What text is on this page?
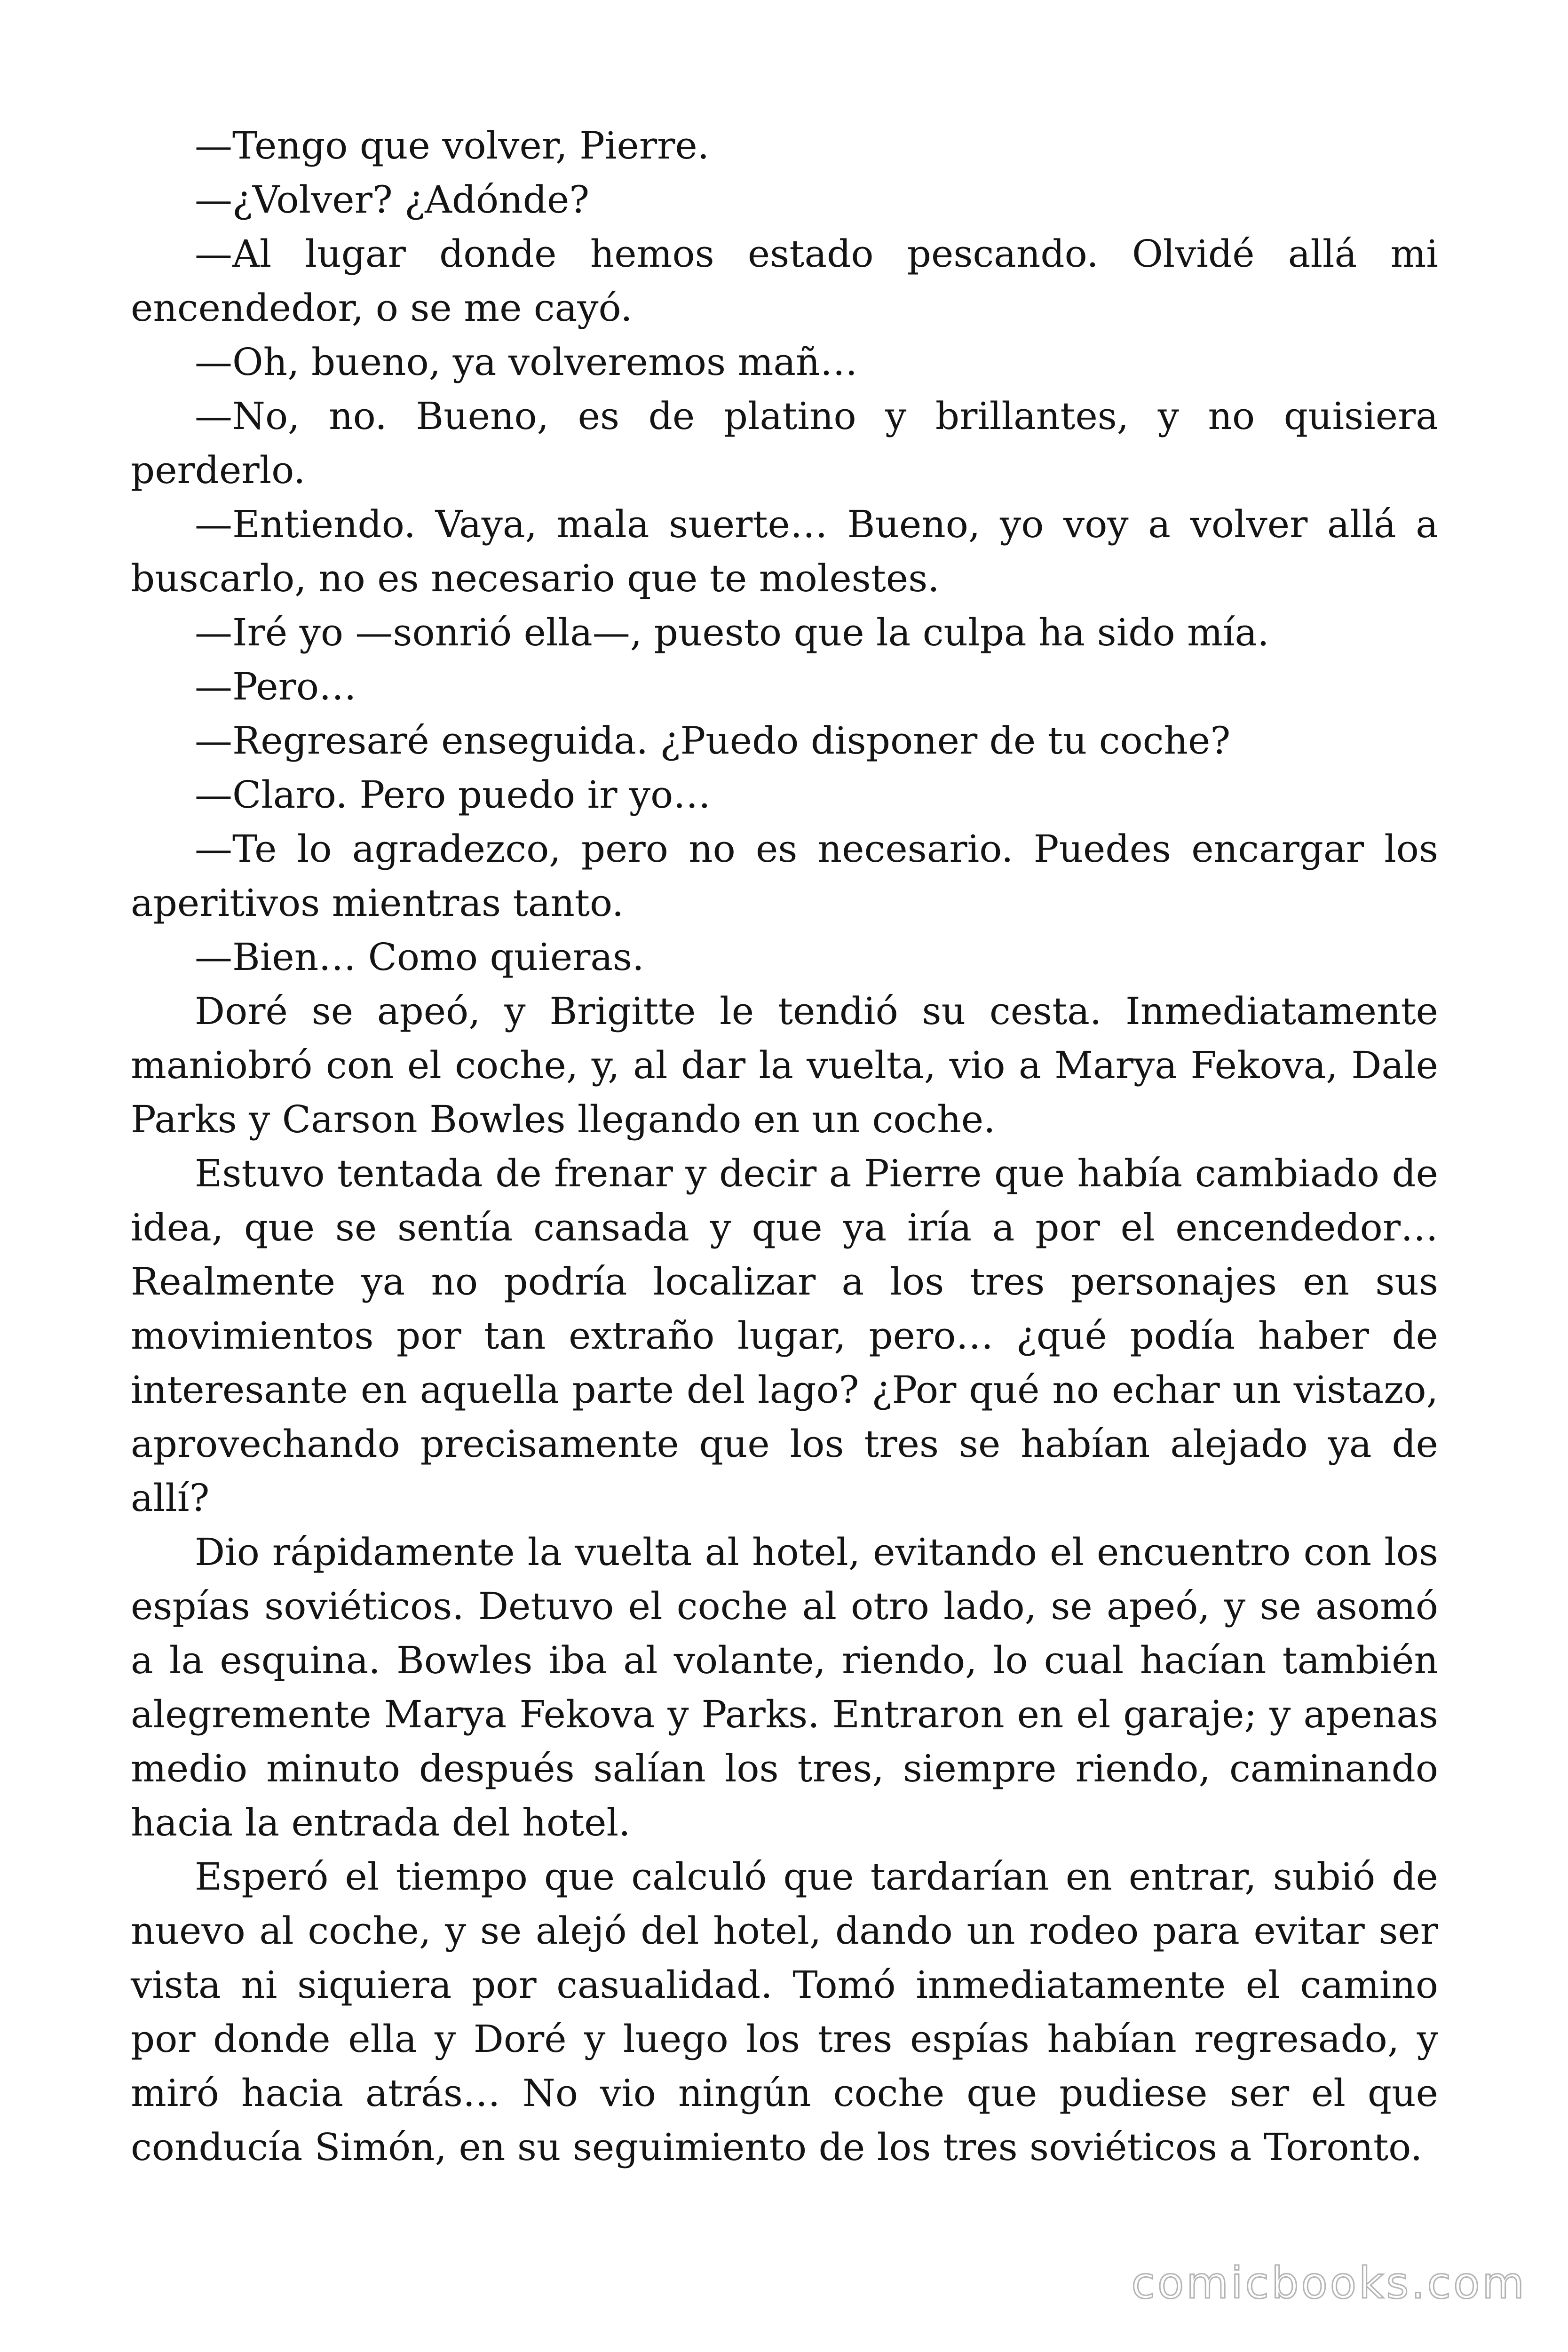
—Tengo que volver, Pierre.

—¿Volver? ¿Adónde?

—Al lugar donde hemos estado pescando. Olvidé allá mi encendedor, o se me cayó.

—Oh, bueno, ya volveremos mañ…

—No, no. Bueno, es de platino y brillantes, y no quisiera perderlo.

—Entiendo. Vaya, mala suerte… Bueno, yo voy a volver allá a buscarlo, no es necesario que te molestes.

—Iré yo —sonrió ella—, puesto que la culpa ha sido mía.

—Pero…

—Regresaré enseguida. ¿Puedo disponer de tu coche?

—Claro. Pero puedo ir yo…

—Te lo agradezco, pero no es necesario. Puedes encargar los aperitivos mientras tanto.

—Bien… Como quieras.

Doré se apeó, y Brigitte le tendió su cesta. Inmediatamente maniobró con el coche, y, al dar la vuelta, vio a Marya Fekova, Dale Parks y Carson Bowles llegando en un coche.

Estuvo tentada de frenar y decir a Pierre que había cambiado de idea, que se sentía cansada y que ya iría a por el encendedor… Realmente ya no podría localizar a los tres personajes en sus movimientos por tan extraño lugar, pero… ¿qué podía haber de interesante en aquella parte del lago? ¿Por qué no echar un vistazo, aprovechando precisamente que los tres se habían alejado ya de allí?

Dio rápidamente la vuelta al hotel, evitando el encuentro con los espías soviéticos. Detuvo el coche al otro lado, se apeó, y se asomó a la esquina. Bowles iba al volante, riendo, lo cual hacían también alegremente Marya Fekova y Parks. Entraron en el garaje; y apenas medio minuto después salían los tres, siempre riendo, caminando hacia la entrada del hotel.

Esperó el tiempo que calculó que tardarían en entrar, subió de nuevo al coche, y se alejó del hotel, dando un rodeo para evitar ser vista ni siquiera por casualidad. Tomó inmediatamente el camino por donde ella y Doré y luego los tres espías habían regresado, y miró hacia atrás… No vio ningún coche que pudiese ser el que conducía Simón, en su seguimiento de los tres soviéticos a Toronto.

comicbooks.com
